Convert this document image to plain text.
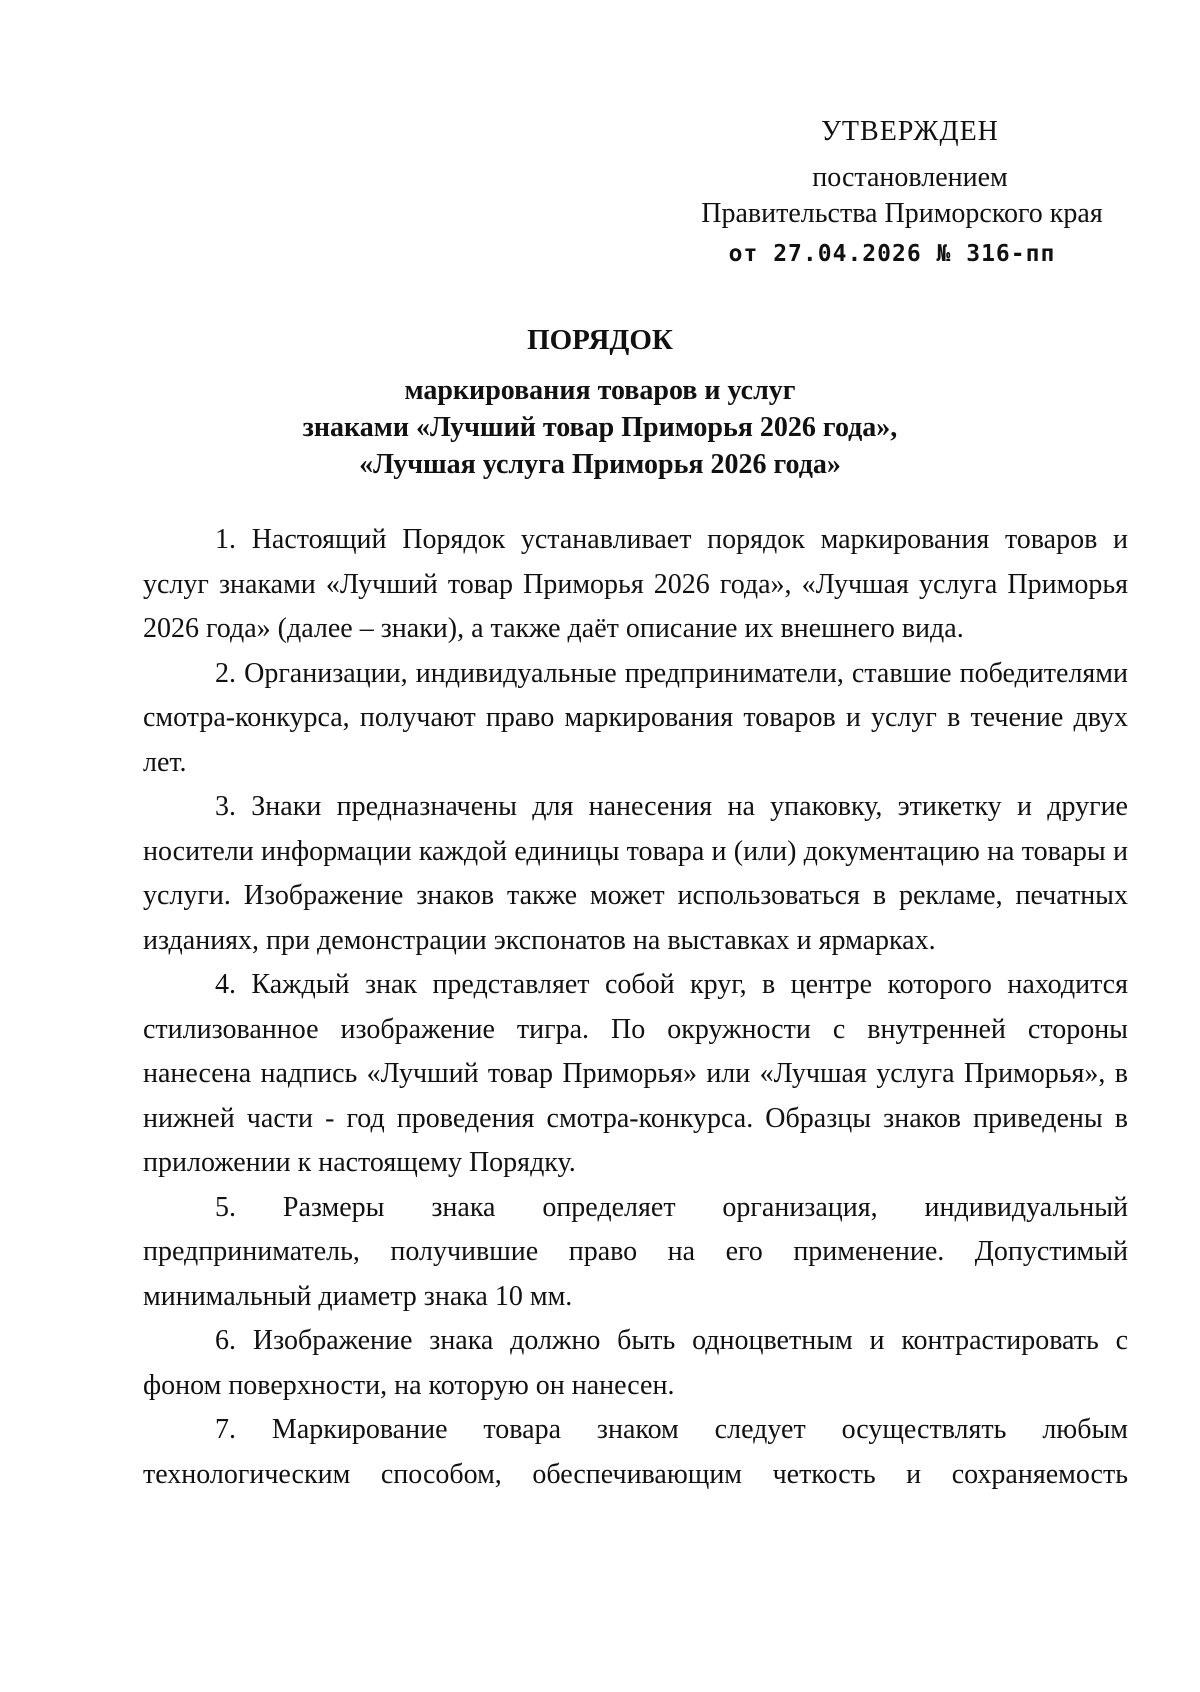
УТВЕРЖДЕН
постановлением
Правительства Приморского края
от 27.04.2026 № 316-пп
ПОРЯДОК
маркирования товаров и услуг
знаками «Лучший товар Приморья 2026 года»,
«Лучшая услуга Приморья 2026 года»

1. Настоящий Порядок устанавливает порядок маркирования товаров и услуг знаками «Лучший товар Приморья 2026 года», «Лучшая услуга Приморья 2026 года» (далее – знаки), а также даёт описание их внешнего вида.

2. Организации, индивидуальные предприниматели, ставшие победителями смотра-конкурса, получают право маркирования товаров и услуг в течение двух лет.

3. Знаки предназначены для нанесения на упаковку, этикетку и другие носители информации каждой единицы товара и (или) документацию на товары и услуги. Изображение знаков также может использоваться в рекламе, печатных изданиях, при демонстрации экспонатов на выставках и ярмарках.

4. Каждый знак представляет собой круг, в центре которого находится стилизованное изображение тигра. По окружности с внутренней стороны нанесена надпись «Лучший товар Приморья» или «Лучшая услуга Приморья», в нижней части - год проведения смотра-конкурса. Образцы знаков приведены в приложении к настоящему Порядку.

5. Размеры знака определяет организация, индивидуальный предприниматель, получившие право на его применение. Допустимый минимальный диаметр знака 10 мм.

6. Изображение знака должно быть одноцветным и контрастировать с фоном поверхности, на которую он нанесен.

7. Маркирование товара знаком следует осуществлять любым технологическим способом, обеспечивающим четкость и сохраняемость
